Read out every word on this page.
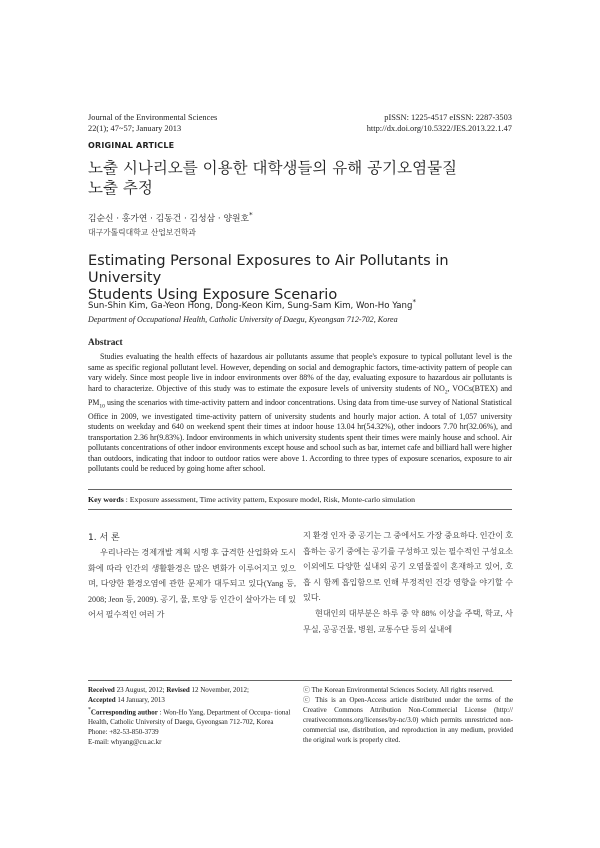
Journal of the Environmental Sciences
22(1); 47~57; January 2013
pISSN: 1225-4517 eISSN: 2287-3503
http://dx.doi.org/10.5322/JES.2013.22.1.47
ORIGINAL ARTICLE
노출 시나리오를 이용한 대학생들의 유해 공기오염물질
노출 추정
김순신 · 홍가연 · 김동건 · 김성삼 · 양원호*
대구가톨릭대학교 산업보건학과
Estimating Personal Exposures to Air Pollutants in University
Students Using Exposure Scenario
Sun-Shin Kim, Ga-Yeon Hong, Dong-Keon Kim, Sung-Sam Kim, Won-Ho Yang*
Department of Occupational Health, Catholic University of Daegu, Kyeongsan 712-702, Korea
Abstract
Studies evaluating the health effects of hazardous air pollutants assume that people's exposure to typical pollutant level is the same as specific regional pollutant level. However, depending on social and demographic factors, time-activity pattern of people can vary widely. Since most people live in indoor environments over 88% of the day, evaluating exposure to hazardous air pollutants is hard to characterize. Objective of this study was to estimate the exposure levels of university students of $NO_2$, VOCs(BTEX) and $PM_{10}$ using the scenarios with time-activity pattern and indoor concentrations. Using data from time-use survey of National Statistical Office in 2009, we investigated time-activity pattern of university students and hourly major action. A total of 1,057 university students on weekday and 640 on weekend spent their times at indoor house 13.04 hr(54.32%), other indoors 7.70 hr(32.06%), and transportation 2.36 hr(9.83%). Indoor environments in which university students spent their times were mainly house and school. Air pollutants concentrations of other indoor environments except house and school such as bar, internet cafe and billiard hall were higher than outdoors, indicating that indoor to outdoor ratios were above 1. According to three types of exposure scenarios, exposure to air pollutants could be reduced by going home after school.
Key words : Exposure assessment, Time activity pattern, Exposure model, Risk, Monte-carlo simulation
1. 서 론
우리나라는 경제개발 계획 시행 후 급격한 산업화와 도시화에 따라 인간의 생활환경은 많은 변화가 이루어지고 있으며, 다양한 환경오염에 관한 문제가 대두되고 있다(Yang 등, 2008; Jeon 등, 2009). 공기, 물, 토양 등 인간이 살아가는 데 있어서 필수적인 여러 가
지 환경 인자 중 공기는 그 중에서도 가장 중요하다. 인간이 호흡하는 공기 중에는 공기를 구성하고 있는 필수적인 구성요소 이외에도 다양한 실내외 공기 오염물질이 혼재하고 있어, 호흡 시 함께 흡입함으로 인해 부정적인 건강 영향을 야기할 수 있다.
현대인의 대부분은 하루 중 약 88% 이상을 주택, 학교, 사무실, 공공건물, 병원, 교통수단 등의 실내에
Received 23 August, 2012; Revised 12 November, 2012;
Accepted 14 January, 2013
*Corresponding author : Won-Ho Yang, Department of Occupa- tional Health, Catholic University of Daegu, Gyeongsan 712-702, Korea
Phone: +82-53-850-3739
E-mail: whyang@cu.ac.kr
ⓒ The Korean Environmental Sciences Society. All rights reserved.
ⓒ This is an Open-Access article distributed under the terms of the Creative Commons Attribution Non-Commercial License (http:// creativecommons.org/licenses/by-nc/3.0) which permits unrestricted non-commercial use, distribution, and reproduction in any medium, provided the original work is properly cited.
